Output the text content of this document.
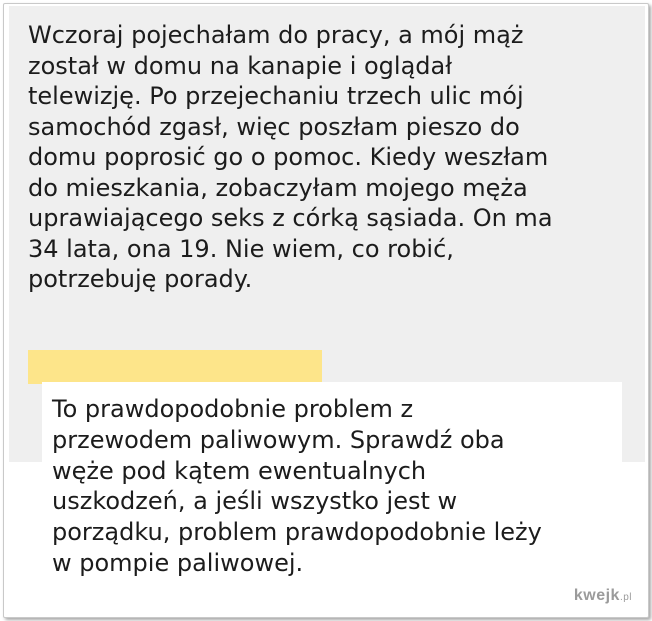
Wczoraj pojechałam do pracy, a mój mąż
został w domu na kanapie i oglądał
telewizję. Po przejechaniu trzech ulic mój
samochód zgasł, więc poszłam pieszo do
domu poprosić go o pomoc. Kiedy weszłam
do mieszkania, zobaczyłam mojego męża
uprawiającego seks z córką sąsiada. On ma
34 lata, ona 19. Nie wiem, co robić,
potrzebuję porady.

To prawdopodobnie problem z
przewodem paliwowym. Sprawdź oba
węże pod kątem ewentualnych
uszkodzeń, a jeśli wszystko jest w
porządku, problem prawdopodobnie leży
w pompie paliwowej.

kwejk.pl
